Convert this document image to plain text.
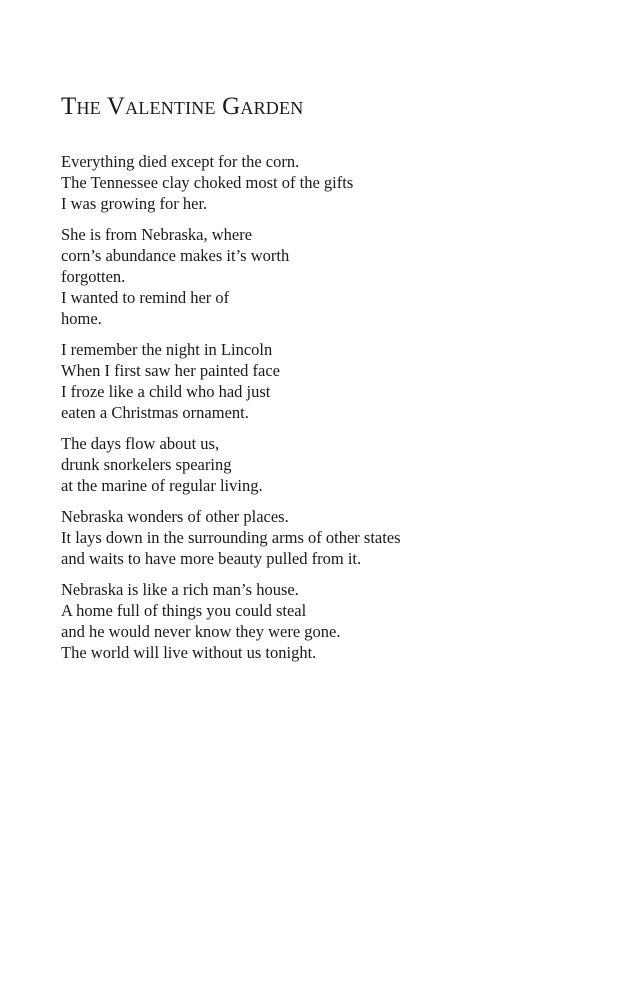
The Valentine Garden
Everything died except for the corn.
The Tennessee clay choked most of the gifts
I was growing for her.
She is from Nebraska, where
corn’s abundance makes it’s worth
forgotten.
I wanted to remind her of
home.
I remember the night in Lincoln
When I first saw her painted face
I froze like a child who had just
eaten a Christmas ornament.
The days flow about us,
drunk snorkelers spearing
at the marine of regular living.
Nebraska wonders of other places.
It lays down in the surrounding arms of other states
and waits to have more beauty pulled from it.
Nebraska is like a rich man’s house.
A home full of things you could steal
and he would never know they were gone.
The world will live without us tonight.
